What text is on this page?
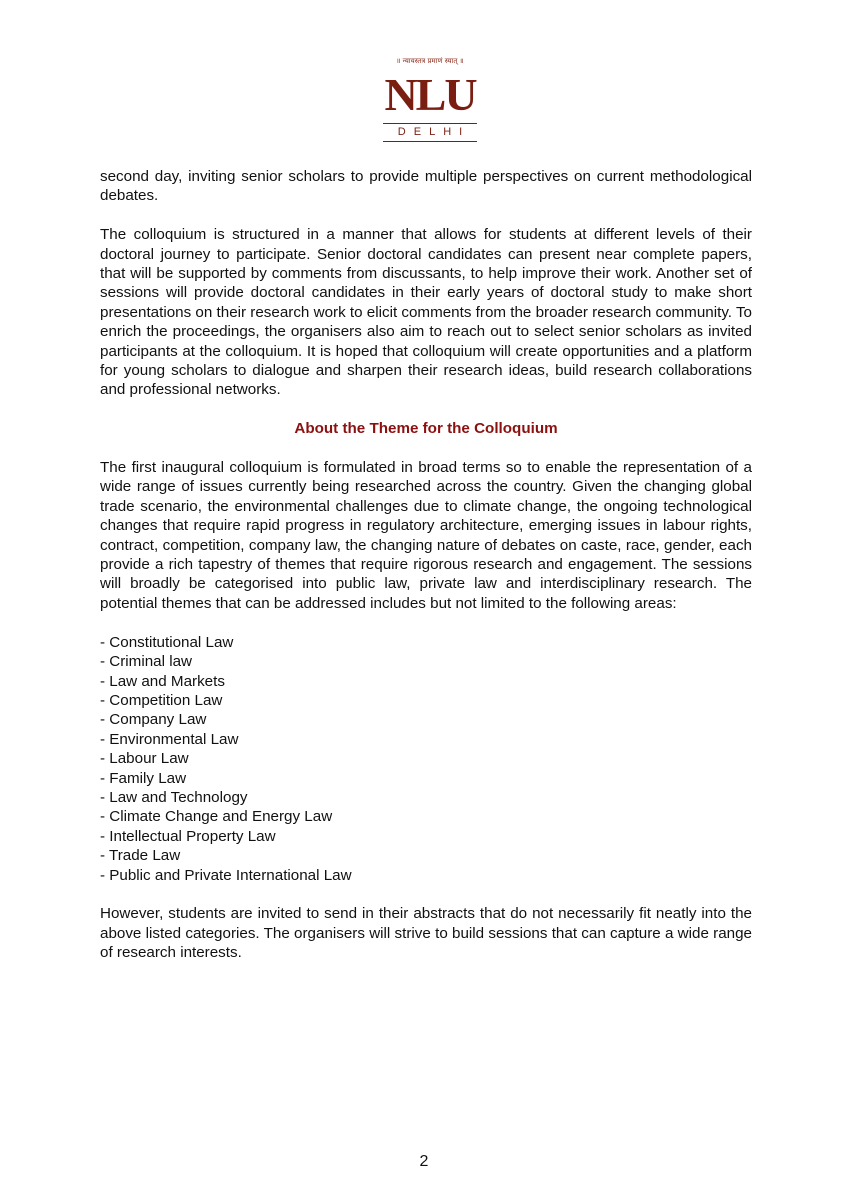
॥ न्यायस्तत्र प्रमाणं स्यात् ॥
NLU
DELHI

second day, inviting senior scholars to provide multiple perspectives on current methodological debates.

The colloquium is structured in a manner that allows for students at different levels of their doctoral journey to participate. Senior doctoral candidates can present near complete papers, that will be supported by comments from discussants, to help improve their work. Another set of sessions will provide doctoral candidates in their early years of doctoral study to make short presentations on their research work to elicit comments from the broader research community. To enrich the proceedings, the organisers also aim to reach out to select senior scholars as invited participants at the colloquium. It is hoped that colloquium will create opportunities and a platform for young scholars to dialogue and sharpen their research ideas, build research collaborations and professional networks.

About the Theme for the Colloquium

The first inaugural colloquium is formulated in broad terms so to enable the representation of a wide range of issues currently being researched across the country. Given the changing global trade scenario, the environmental challenges due to climate change, the ongoing technological changes that require rapid progress in regulatory architecture, emerging issues in labour rights, contract, competition, company law, the changing nature of debates on caste, race, gender, each provide a rich tapestry of themes that require rigorous research and engagement. The sessions will broadly be categorised into public law, private law and interdisciplinary research. The potential themes that can be addressed includes but not limited to the following areas:

- Constitutional Law
- Criminal law
- Law and Markets
- Competition Law
- Company Law
- Environmental Law
- Labour Law
- Family Law
- Law and Technology
- Climate Change and Energy Law
- Intellectual Property Law
- Trade Law
- Public and Private International Law

However, students are invited to send in their abstracts that do not necessarily fit neatly into the above listed categories. The organisers will strive to build sessions that can capture a wide range of research interests.

2
